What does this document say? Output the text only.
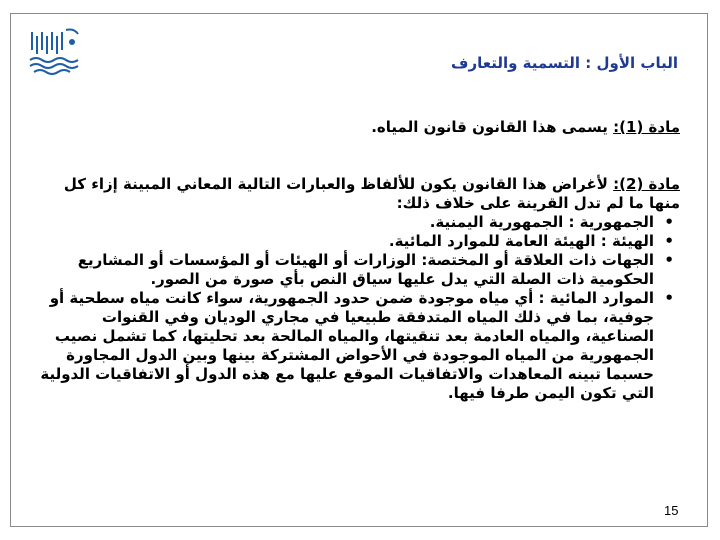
الباب الأول : التسمية والتعارف
مادة (1): يسمى هذا القانون قانون المياه.
مادة (2): لأغراض هذا القانون يكون للألفاظ والعبارات التالية المعاني المبينة إزاء كل منها ما لم تدل القرينة على خلاف ذلك:
• الجمهورية : الجمهورية اليمنية.
• الهيئة : الهيئة العامة للموارد المائية.
• الجهات ذات العلاقة أو المختصة: الوزارات أو الهيئات أو المؤسسات أو المشاريع الحكومية ذات الصلة التي يدل عليها سياق النص بأي صورة من الصور.
• الموارد المائية : أي مياه موجودة ضمن حدود الجمهورية، سواء كانت مياه سطحية أو جوفية، بما في ذلك المياه المتدفقة طبيعيا في مجاري الوديان وفي القنوات الصناعية، والمياه العادمة بعد تنقيتها، والمياه المالحة بعد تحليتها، كما تشمل نصيب الجمهورية من المياه الموجودة في الأحواض المشتركة بينها وبين الدول المجاورة حسبما تبينه المعاهدات والاتفاقيات الموقع عليها مع هذه الدول أو الاتفاقيات الدولية التي تكون اليمن طرفا فيها.
15
